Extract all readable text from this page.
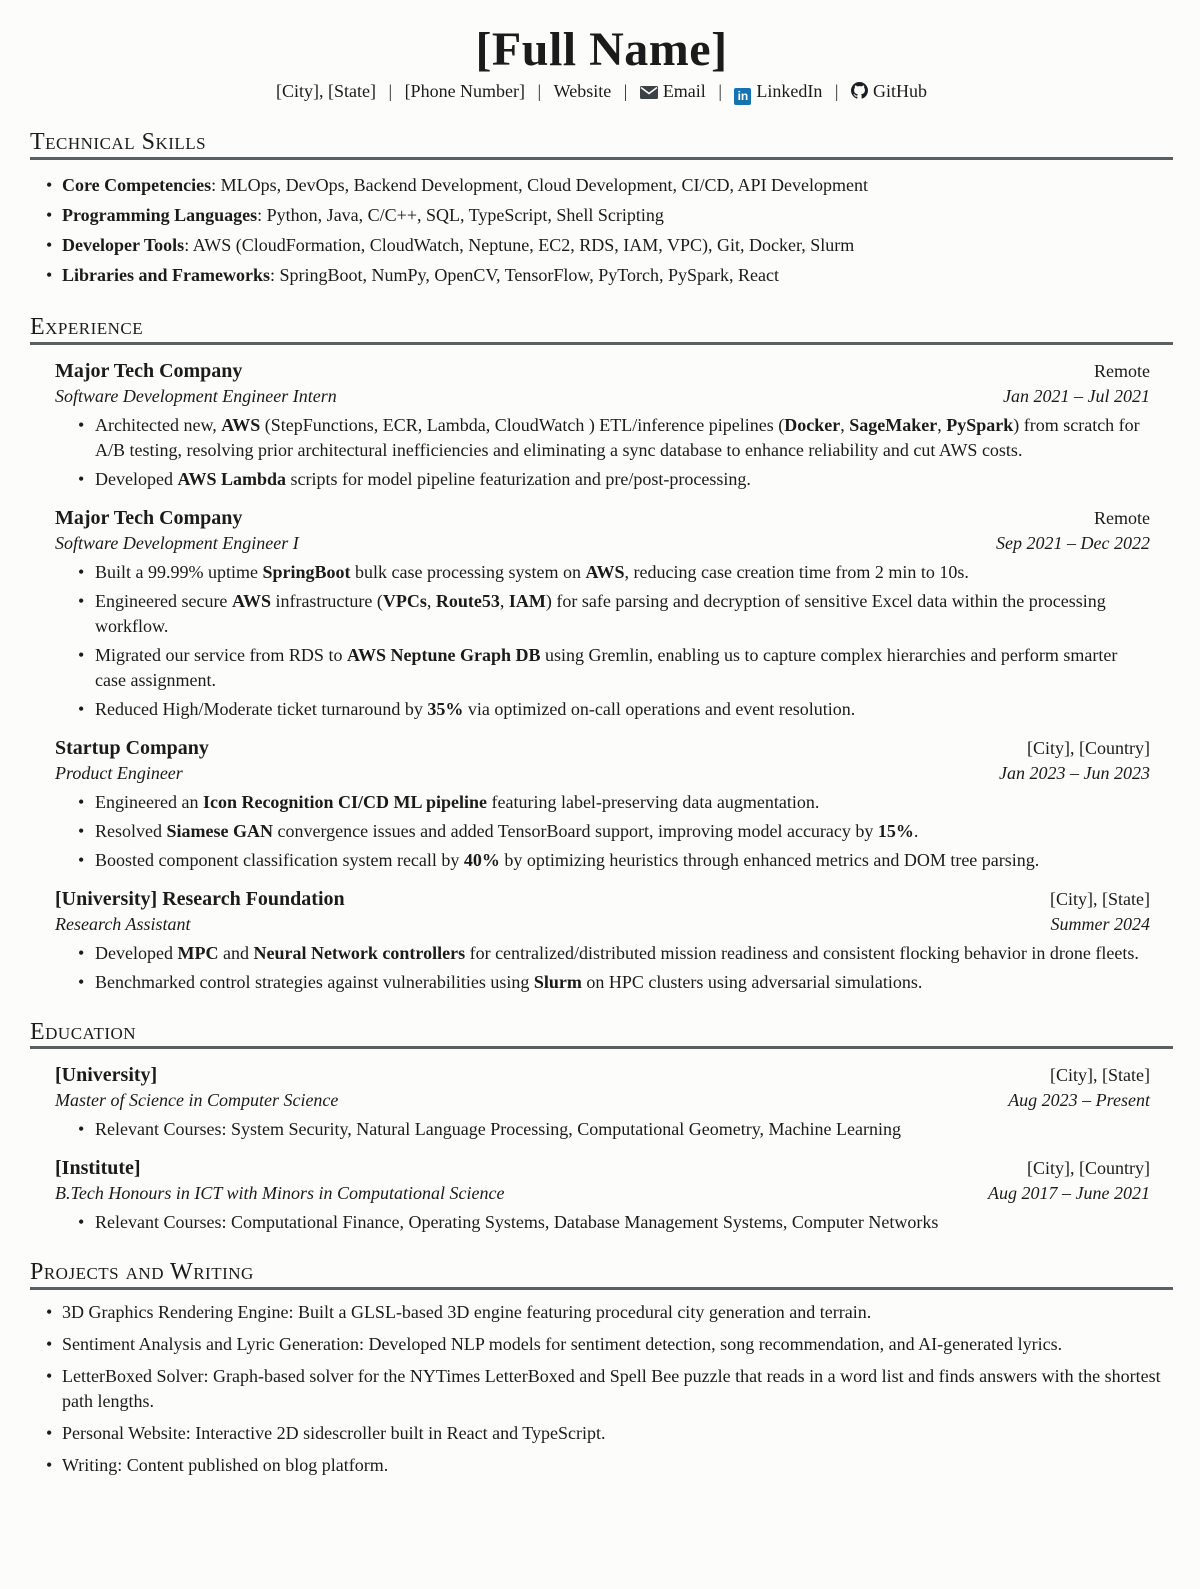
[Full Name]
[City], [State] | [Phone Number] | Website | Email | in LinkedIn | GitHub
Technical Skills
• Core Competencies: MLOps, DevOps, Backend Development, Cloud Development, CI/CD, API Development
• Programming Languages: Python, Java, C/C++, SQL, TypeScript, Shell Scripting
• Developer Tools: AWS (CloudFormation, CloudWatch, Neptune, EC2, RDS, IAM, VPC), Git, Docker, Slurm
• Libraries and Frameworks: SpringBoot, NumPy, OpenCV, TensorFlow, PyTorch, PySpark, React
Experience
Major Tech Company	Remote
Software Development Engineer Intern	Jan 2021 – Jul 2021
• Architected new, AWS (StepFunctions, ECR, Lambda, CloudWatch ) ETL/inference pipelines (Docker, SageMaker, PySpark) from scratch for A/B testing, resolving prior architectural inefficiencies and eliminating a sync database to enhance reliability and cut AWS costs.
• Developed AWS Lambda scripts for model pipeline featurization and pre/post-processing.
Major Tech Company	Remote
Software Development Engineer I	Sep 2021 – Dec 2022
• Built a 99.99% uptime SpringBoot bulk case processing system on AWS, reducing case creation time from 2 min to 10s.
• Engineered secure AWS infrastructure (VPCs, Route53, IAM) for safe parsing and decryption of sensitive Excel data within the processing workflow.
• Migrated our service from RDS to AWS Neptune Graph DB using Gremlin, enabling us to capture complex hierarchies and perform smarter case assignment.
• Reduced High/Moderate ticket turnaround by 35% via optimized on-call operations and event resolution.
Startup Company	[City], [Country]
Product Engineer	Jan 2023 – Jun 2023
• Engineered an Icon Recognition CI/CD ML pipeline featuring label-preserving data augmentation.
• Resolved Siamese GAN convergence issues and added TensorBoard support, improving model accuracy by 15%.
• Boosted component classification system recall by 40% by optimizing heuristics through enhanced metrics and DOM tree parsing.
[University] Research Foundation	[City], [State]
Research Assistant	Summer 2024
• Developed MPC and Neural Network controllers for centralized/distributed mission readiness and consistent flocking behavior in drone fleets.
• Benchmarked control strategies against vulnerabilities using Slurm on HPC clusters using adversarial simulations.
Education
[University]	[City], [State]
Master of Science in Computer Science	Aug 2023 – Present
• Relevant Courses: System Security, Natural Language Processing, Computational Geometry, Machine Learning
[Institute]	[City], [Country]
B.Tech Honours in ICT with Minors in Computational Science	Aug 2017 – June 2021
• Relevant Courses: Computational Finance, Operating Systems, Database Management Systems, Computer Networks
Projects and Writing
• 3D Graphics Rendering Engine: Built a GLSL-based 3D engine featuring procedural city generation and terrain.
• Sentiment Analysis and Lyric Generation: Developed NLP models for sentiment detection, song recommendation, and AI-generated lyrics.
• LetterBoxed Solver: Graph-based solver for the NYTimes LetterBoxed and Spell Bee puzzle that reads in a word list and finds answers with the shortest path lengths.
• Personal Website: Interactive 2D sidescroller built in React and TypeScript.
• Writing: Content published on blog platform.
